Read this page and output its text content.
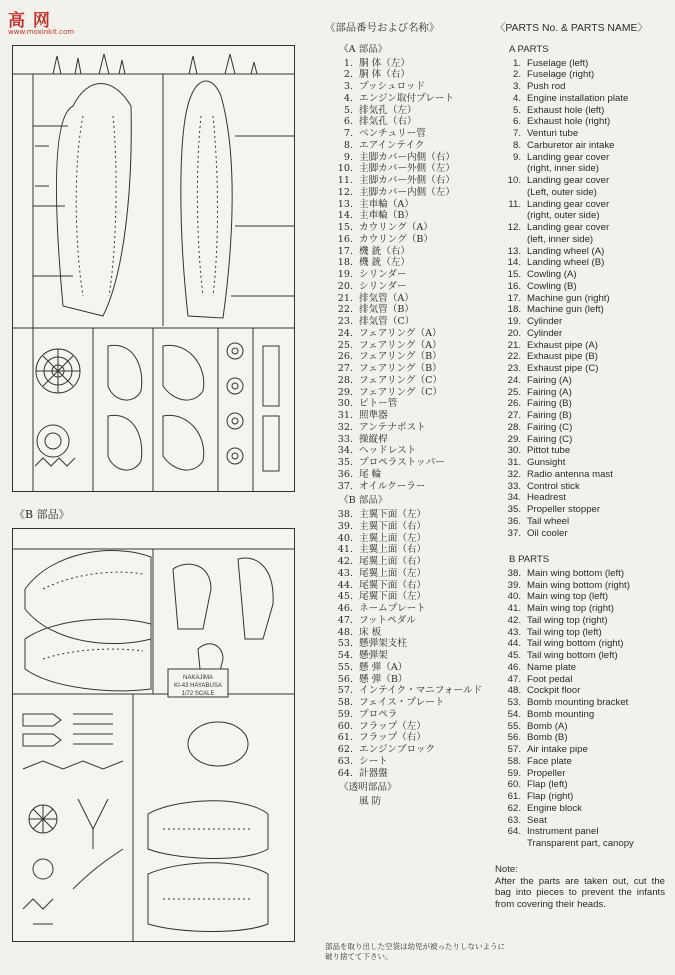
高 网
www.moxinkit.com
《B 部品》
NAKAJIMA
KI-43 HAYABUSA
1/72 SCALE
《部品番号および名称》
《A 部品》
1. 胴 体（左）
2. 胴 体（右）
3. プッシュロッド
4. エンジン取付プレート
5. 排気孔（左）
6. 排気孔（右）
7. ベンチュリー管
8. エアインテイク
9. 主脚カバー内側（右）
10. 主脚カバー外側（左）
11. 主脚カバー外側（右）
12. 主脚カバー内側（左）
13. 主車輪（A）
14. 主車輪（B）
15. カウリング（A）
16. カウリング（B）
17. 機 銃（右）
18. 機 銃（左）
19. シリンダー
20. シリンダー
21. 排気管（A）
22. 排気管（B）
23. 排気管（C）
24. フェアリング（A）
25. フェアリング（A）
26. フェアリング（B）
27. フェアリング（B）
28. フェアリング（C）
29. フェアリング（C）
30. ピトー管
31. 照準器
32. アンテナポスト
33. 操縦桿
34. ヘッドレスト
35. プロペラストッパー
36. 尾 輪
37. オイルクーラー
《B 部品》
38. 主翼下面（左）
39. 主翼下面（右）
40. 主翼上面（左）
41. 主翼上面（右）
42. 尾翼上面（右）
43. 尾翼上面（左）
44. 尾翼下面（右）
45. 尾翼下面（左）
46. ネームプレート
47. フットペダル
48. 床 板
53. 懸弾架支柱
54. 懸弾架
55. 懸 弾（A）
56. 懸 弾（B）
57. インテイク・マニフォールド
58. フェイス・プレート
59. プロペラ
60. フラップ（左）
61. フラップ（右）
62. エンジンブロック
63. シート
64. 計器盤
《透明部品》
風 防
部品を取り出した空袋は幼児が被ったりしないように破り捨てて下さい。
〈PARTS No. & PARTS NAME〉
A PARTS
1. Fuselage (left)
2. Fuselage (right)
3. Push rod
4. Engine installation plate
5. Exhaust hole (left)
6. Exhaust hole (right)
7. Venturi tube
8. Carburetor air intake
9. Landing gear cover
(right, inner side)
10. Landing gear cover
(Left, outer side)
11. Landing gear cover
(right, outer side)
12. Landing gear cover
(left, inner side)
13. Landing wheel (A)
14. Landing wheel (B)
15. Cowling (A)
16. Cowling (B)
17. Machine gun (right)
18. Machine gun (left)
19. Cylinder
20. Cylinder
21. Exhaust pipe (A)
22. Exhaust pipe (B)
23. Exhaust pipe (C)
24. Fairing (A)
25. Fairing (A)
26. Fairing (B)
27. Fairing (B)
28. Fairing (C)
29. Fairing (C)
30. Pittot tube
31. Gunsight
32. Radio antenna mast
33. Control stick
34. Headrest
35. Propeller stopper
36. Tail wheel
37. Oil cooler
B PARTS
38. Main wing bottom (left)
39. Main wing bottom (right)
40. Main wing top (left)
41. Main wing top (right)
42. Tail wing top (right)
43. Tail wing top (left)
44. Tail wing bottom (right)
45. Tail wing bottom (left)
46. Name plate
47. Foot pedal
48. Cockpit floor
53. Bomb mounting bracket
54. Bomb mounting
55. Bomb (A)
56. Bomb (B)
57. Air intake pipe
58. Face plate
59. Propeller
60. Flap (left)
61. Flap (right)
62. Engine block
63. Seat
64. Instrument panel
Transparent part, canopy
Note:
After the parts are taken out, cut the bag into pieces to prevent the infants from covering their heads.
